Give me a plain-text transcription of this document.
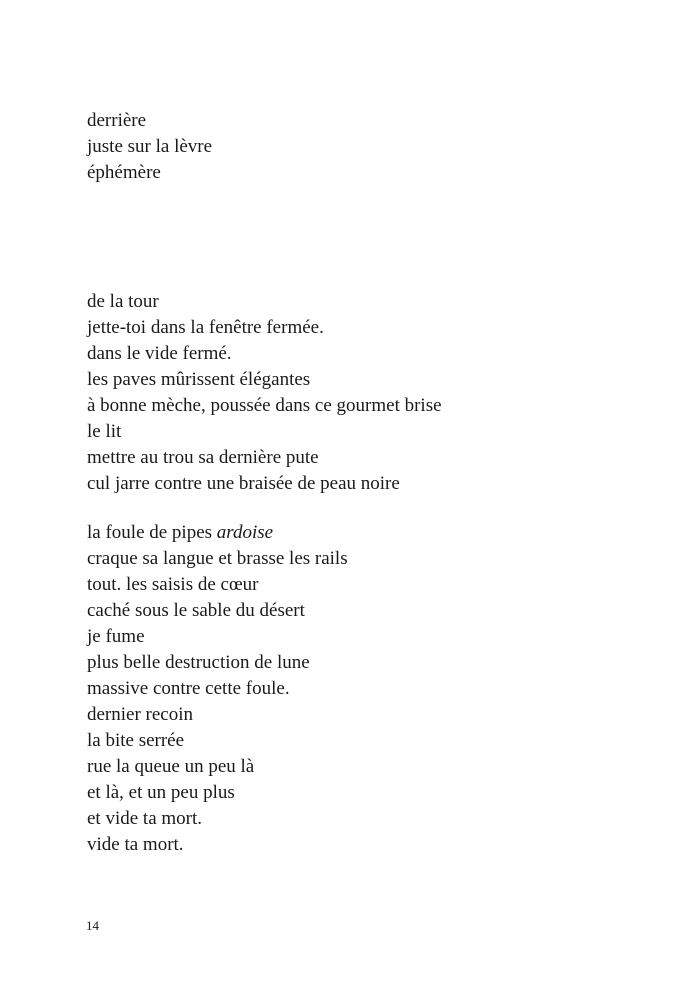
derrière
juste sur la lèvre
éphémère
de la tour
jette-toi dans la fenêtre fermée.
dans le vide fermé.
les paves mûrissent élégantes
à bonne mèche, poussée dans ce gourmet brise
le lit
mettre au trou sa dernière pute
cul jarre contre une braisée de peau noire
la foule de pipes ardoise
craque sa langue et brasse les rails
tout. les saisis de cœur
caché sous le sable du désert
je fume
plus belle destruction de lune
massive contre cette foule.
dernier recoin
la bite serrée
rue la queue un peu là
et là, et un peu plus
et vide ta mort.
vide ta mort.
14
